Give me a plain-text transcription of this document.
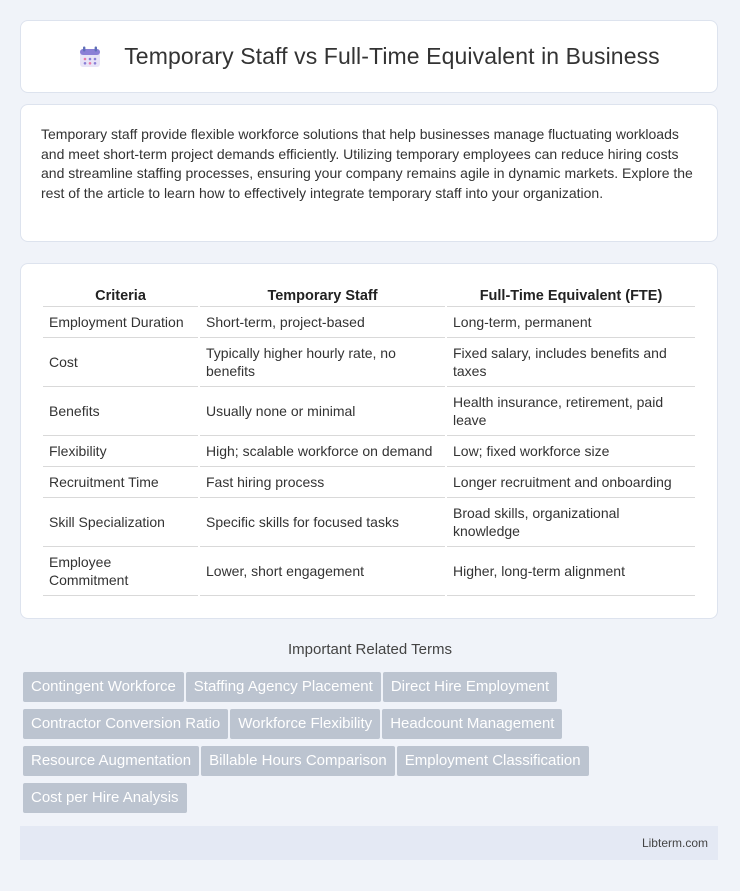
Temporary Staff vs Full-Time Equivalent in Business

Temporary staff provide flexible workforce solutions that help businesses manage fluctuating workloads and meet short-term project demands efficiently. Utilizing temporary employees can reduce hiring costs and streamline staffing processes, ensuring your company remains agile in dynamic markets. Explore the rest of the article to learn how to effectively integrate temporary staff into your organization.

Criteria	Temporary Staff	Full-Time Equivalent (FTE)
Employment Duration	Short-term, project-based	Long-term, permanent
Cost	Typically higher hourly rate, no benefits	Fixed salary, includes benefits and taxes
Benefits	Usually none or minimal	Health insurance, retirement, paid leave
Flexibility	High; scalable workforce on demand	Low; fixed workforce size
Recruitment Time	Fast hiring process	Longer recruitment and onboarding
Skill Specialization	Specific skills for focused tasks	Broad skills, organizational knowledge
Employee Commitment	Lower, short engagement	Higher, long-term alignment
Important Related Terms
Contingent Workforce Staffing Agency Placement Direct Hire Employment
Contractor Conversion Ratio Workforce Flexibility Headcount Management
Resource Augmentation Billable Hours Comparison Employment Classification
Cost per Hire Analysis
Libterm.com
